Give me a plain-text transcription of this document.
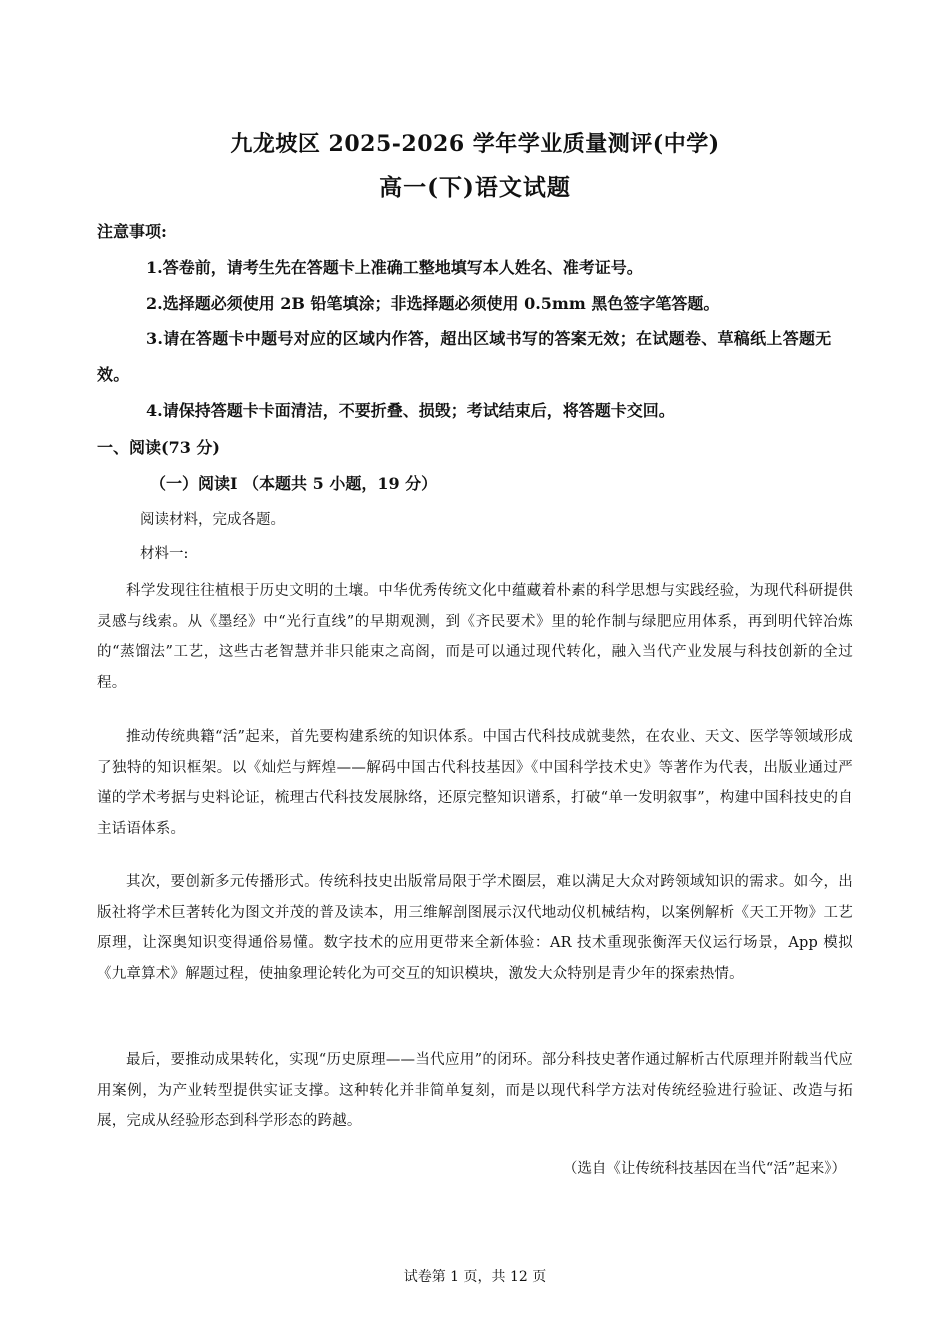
九龙坡区 2025-2026 学年学业质量测评(中学)
高一(下)语文试题
注意事项:
1.答卷前，请考生先在答题卡上准确工整地填写本人姓名、准考证号。
2.选择题必须使用 2B 铅笔填涂；非选择题必须使用 0.5mm 黑色签字笔答题。
3.请在答题卡中题号对应的区域内作答，超出区域书写的答案无效；在试题卷、草稿纸上答题无效。
4.请保持答题卡卡面清洁，不要折叠、损毁；考试结束后，将答题卡交回。
一、阅读(73 分)
（一）阅读I （本题共 5 小题，19 分）
阅读材料，完成各题。
材料一:
科学发现往往植根于历史文明的土壤。中华优秀传统文化中蕴藏着朴素的科学思想与实践经验，为现代科研提供灵感与线索。从《墨经》中“光行直线”的早期观测，到《齐民要术》里的轮作制与绿肥应用体系，再到明代锌冶炼的“蒸馏法”工艺，这些古老智慧并非只能束之高阁，而是可以通过现代转化，融入当代产业发展与科技创新的全过程。
推动传统典籍“活”起来，首先要构建系统的知识体系。中国古代科技成就斐然，在农业、天文、医学等领域形成了独特的知识框架。以《灿烂与辉煌——解码中国古代科技基因》《中国科学技术史》等著作为代表，出版业通过严谨的学术考据与史料论证，梳理古代科技发展脉络，还原完整知识谱系，打破“单一发明叙事”，构建中国科技史的自主话语体系。
其次，要创新多元传播形式。传统科技史出版常局限于学术圈层，难以满足大众对跨领域知识的需求。如今，出版社将学术巨著转化为图文并茂的普及读本，用三维解剖图展示汉代地动仪机械结构，以案例解析《天工开物》工艺原理，让深奥知识变得通俗易懂。数字技术的应用更带来全新体验：AR 技术重现张衡浑天仪运行场景，App 模拟《九章算术》解题过程，使抽象理论转化为可交互的知识模块，激发大众特别是青少年的探索热情。
最后，要推动成果转化，实现“历史原理——当代应用”的闭环。部分科技史著作通过解析古代原理并附载当代应用案例，为产业转型提供实证支撑。这种转化并非简单复刻，而是以现代科学方法对传统经验进行验证、改造与拓展，完成从经验形态到科学形态的跨越。
（选自《让传统科技基因在当代“活”起来》）
试卷第 1 页，共 12 页
